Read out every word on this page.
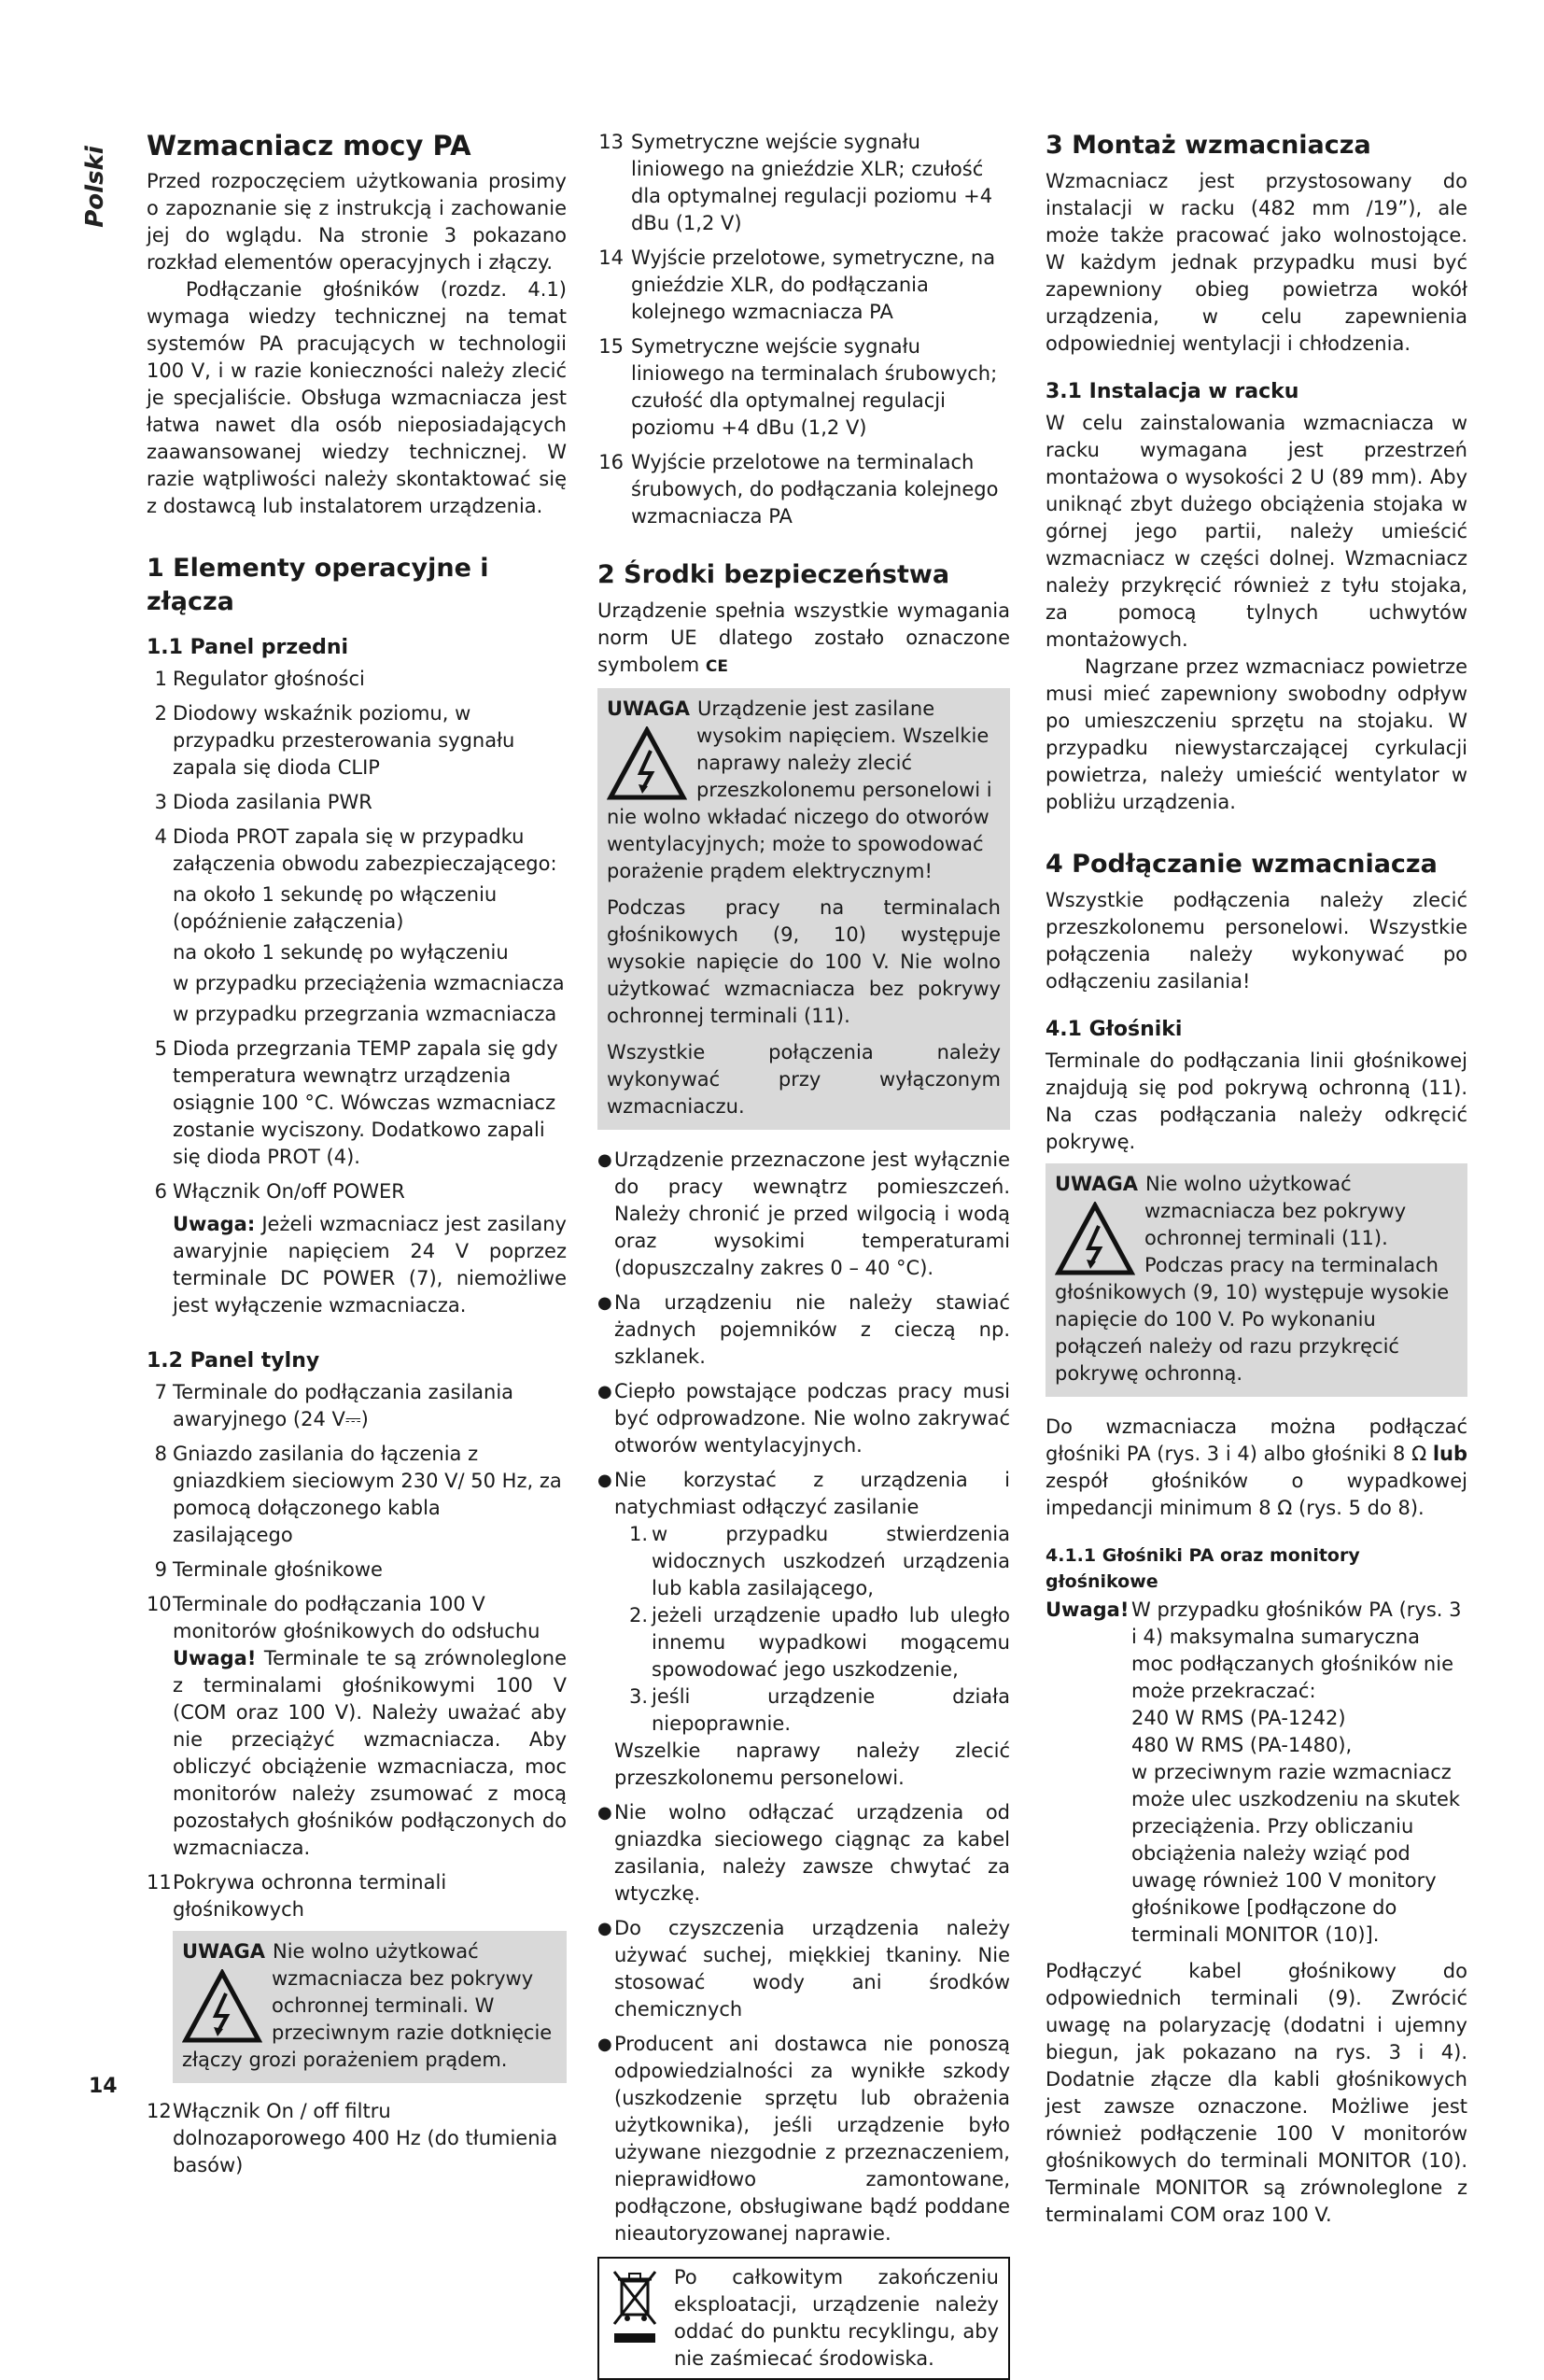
Polski
Wzmacniacz mocy PA

Przed rozpoczęciem użytkowania prosimy o zapoznanie się z instrukcją i zachowanie jej do wglądu. Na stronie 3 pokazano rozkład elementów operacyjnych i złączy.

Podłączanie głośników (rozdz. 4.1) wymaga wiedzy technicznej na temat systemów PA pracujących w technologii 100 V, i w razie konieczności należy zlecić je specjaliście. Obsługa wzmacniacza jest łatwa nawet dla osób nieposiadających zaawansowanej wiedzy technicznej. W razie wątpliwości należy skontaktować się z dostawcą lub instalatorem urządzenia.

1 Elementy operacyjne i złącza
1.1 Panel przedni
1 Regulator głośności
2 Diodowy wskaźnik poziomu, w przypadku przesterowania sygnału zapala się dioda CLIP
3 Dioda zasilania PWR
4 Dioda PROT zapala się w przypadku załączenia obwodu zabezpieczającego:
na około 1 sekundę po włączeniu (opóźnienie załączenia)
na około 1 sekundę po wyłączeniu
w przypadku przeciążenia wzmacniacza
w przypadku przegrzania wzmacniacza
5 Dioda przegrzania TEMP zapala się gdy temperatura wewnątrz urządzenia osiągnie 100 °C. Wówczas wzmacniacz zostanie wyciszony. Dodatkowo zapali się dioda PROT (4).
6 Włącznik On/off POWER

Uwaga: Jeżeli wzmacniacz jest zasilany awaryjnie napięciem 24 V poprzez terminale DC POWER (7), niemożliwe jest wyłączenie wzmacniacza.

1.2 Panel tylny
7 Terminale do podłączania zasilania awaryjnego (24 V⎓)
8 Gniazdo zasilania do łączenia z gniazdkiem sieciowym 230 V/ 50 Hz, za pomocą dołączonego kabla zasilającego
9 Terminale głośnikowe
10 Terminale do podłączania 100 V monitorów głośnikowych do odsłuchu

Uwaga! Terminale te są zrównoleglone z terminalami głośnikowymi 100 V (COM oraz 100 V). Należy uważać aby nie przeciążyć wzmacniacza. Aby obliczyć obciążenie wzmacniacza, moc monitorów należy zsumować z mocą pozostałych głośników podłączonych do wzmacniacza.

11 Pokrywa ochronna terminali głośnikowych
UWAGA Nie wolno użytkować wzmacniacza bez pokrywy ochronnej terminali. W przeciwnym razie dotknięcie złączy grozi porażeniem prądem.
12 Włącznik On / off filtru dolnozaporowego 400 Hz (do tłumienia basów)
13 Symetryczne wejście sygnału liniowego na gnieździe XLR; czułość dla optymalnej regulacji poziomu +4 dBu (1,2 V)
14 Wyjście przelotowe, symetryczne, na gnieździe XLR, do podłączania kolejnego wzmacniacza PA
15 Symetryczne wejście sygnału liniowego na terminalach śrubowych; czułość dla optymalnej regulacji poziomu +4 dBu (1,2 V)
16 Wyjście przelotowe na terminalach śrubowych, do podłączania kolejnego wzmacniacza PA
2 Środki bezpieczeństwa

Urządzenie spełnia wszystkie wymagania norm UE dlatego zostało oznaczone symbolem CE

UWAGA Urządzenie jest zasilane wysokim napięciem. Wszelkie naprawy należy zlecić przeszkolonemu personelowi i nie wolno wkładać niczego do otworów wentylacyjnych; może to spowodować porażenie prądem elektrycznym!

Podczas pracy na terminalach głośnikowych (9, 10) występuje wysokie napięcie do 100 V. Nie wolno użytkować wzmacniacza bez pokrywy ochronnej terminali (11).

Wszystkie połączenia należy wykonywać przy wyłączonym wzmacniaczu.

● Urządzenie przeznaczone jest wyłącznie do pracy wewnątrz pomieszczeń. Należy chronić je przed wilgocią i wodą oraz wysokimi temperaturami (dopuszczalny zakres 0 – 40 °C).
● Na urządzeniu nie należy stawiać żadnych pojemników z cieczą np. szklanek.
● Ciepło powstające podczas pracy musi być odprowadzone. Nie wolno zakrywać otworów wentylacyjnych.
● Nie korzystać z urządzenia i natychmiast odłączyć zasilanie
1. w przypadku stwierdzenia widocznych uszkodzeń urządzenia lub kabla zasilającego,
2. jeżeli urządzenie upadło lub uległo innemu wypadkowi mogącemu spowodować jego uszkodzenie,
3. jeśli urządzenie działa niepoprawnie.
Wszelkie naprawy należy zlecić przeszkolonemu personelowi.
● Nie wolno odłączać urządzenia od gniazdka sieciowego ciągnąc za kabel zasilania, należy zawsze chwytać za wtyczkę.
● Do czyszczenia urządzenia należy używać suchej, miękkiej tkaniny. Nie stosować wody ani środków chemicznych
● Producent ani dostawca nie ponoszą odpowiedzialności za wynikłe szkody (uszkodzenie sprzętu lub obrażenia użytkownika), jeśli urządzenie było używane niezgodnie z przeznaczeniem, nieprawidłowo zamontowane, podłączone, obsługiwane bądź poddane nieautoryzowanej naprawie.

Po całkowitym zakończeniu eksploatacji, urządzenie należy oddać do punktu recyklingu, aby nie zaśmiecać środowiska.

3 Montaż wzmacniacza

Wzmacniacz jest przystosowany do instalacji w racku (482 mm /19”), ale może także pracować jako wolnostojące. W każdym jednak przypadku musi być zapewniony obieg powietrza wokół urządzenia, w celu zapewnienia odpowiedniej wentylacji i chłodzenia.

3.1 Instalacja w racku

W celu zainstalowania wzmacniacza w racku wymagana jest przestrzeń montażowa o wysokości 2 U (89 mm). Aby uniknąć zbyt dużego obciążenia stojaka w górnej jego partii, należy umieścić wzmacniacz w części dolnej. Wzmacniacz należy przykręcić również z tyłu stojaka, za pomocą tylnych uchwytów montażowych.

Nagrzane przez wzmacniacz powietrze musi mieć zapewniony swobodny odpływ po umieszczeniu sprzętu na stojaku. W przypadku niewystarczającej cyrkulacji powietrza, należy umieścić wentylator w pobliżu urządzenia.

4 Podłączanie wzmacniacza

Wszystkie podłączenia należy zlecić przeszkolonemu personelowi. Wszystkie połączenia należy wykonywać po odłączeniu zasilania!

4.1 Głośniki

Terminale do podłączania linii głośnikowej znajdują się pod pokrywą ochronną (11). Na czas podłączania należy odkręcić pokrywę.

UWAGA Nie wolno użytkować wzmacniacza bez pokrywy ochronnej terminali (11). Podczas pracy na terminalach głośnikowych (9, 10) występuje wysokie napięcie do 100 V. Po wykonaniu połączeń należy od razu przykręcić pokrywę ochronną.

Do wzmacniacza można podłączać głośniki PA (rys. 3 i 4) albo głośniki 8 Ω lub zespół głośników o wypadkowej impedancji minimum 8 Ω (rys. 5 do 8).

4.1.1 Głośniki PA oraz monitory głośnikowe
Uwaga! W przypadku głośników PA (rys. 3 i 4) maksymalna sumaryczna moc podłączanych głośników nie może przekraczać:

240 W RMS (PA-1242)
480 W RMS (PA-1480),

w przeciwnym razie wzmacniacz może ulec uszkodzeniu na skutek przeciążenia. Przy obliczaniu obciążenia należy wziąć pod uwagę również 100 V monitory głośnikowe [podłączone do terminali MONITOR (10)].

Podłączyć kabel głośnikowy do odpowiednich terminali (9). Zwrócić uwagę na polaryzację (dodatni i ujemny biegun, jak pokazano na rys. 3 i 4). Dodatnie złącze dla kabli głośnikowych jest zawsze oznaczone. Możliwe jest również podłączenie 100 V monitorów głośnikowych do terminali MONITOR (10). Terminale MONITOR są zrównoleglone z terminalami COM oraz 100 V.

14
